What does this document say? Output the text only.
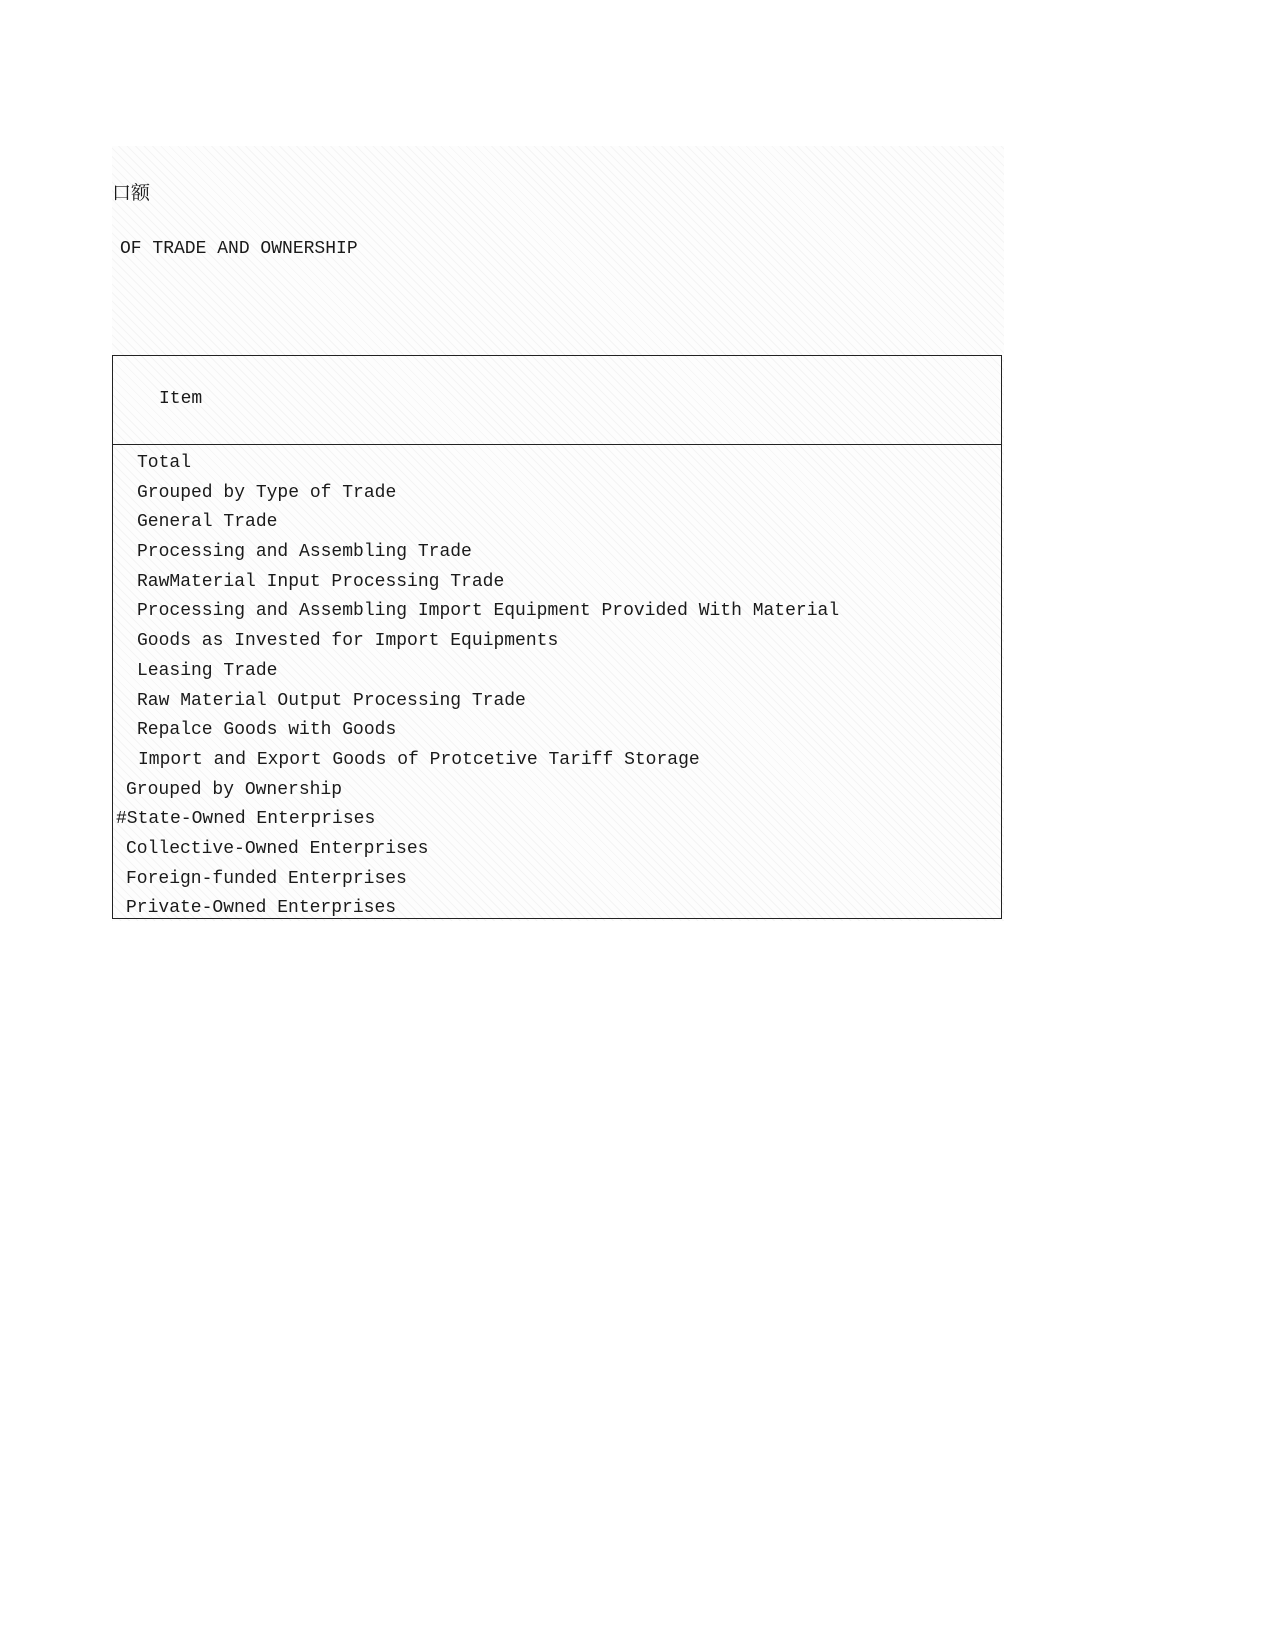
口额
OF TRADE AND OWNERSHIP
Item
Total
Grouped by Type of Trade
General Trade
Processing and Assembling Trade
RawMaterial Input Processing Trade
Processing and Assembling Import Equipment Provided With Material
Goods as Invested for Import Equipments
Leasing Trade
Raw Material Output Processing Trade
Repalce Goods with Goods
Import and Export Goods of Protcetive Tariff Storage
Grouped by Ownership
#State-Owned Enterprises
Collective-Owned Enterprises
Foreign-funded Enterprises
Private-Owned Enterprises
